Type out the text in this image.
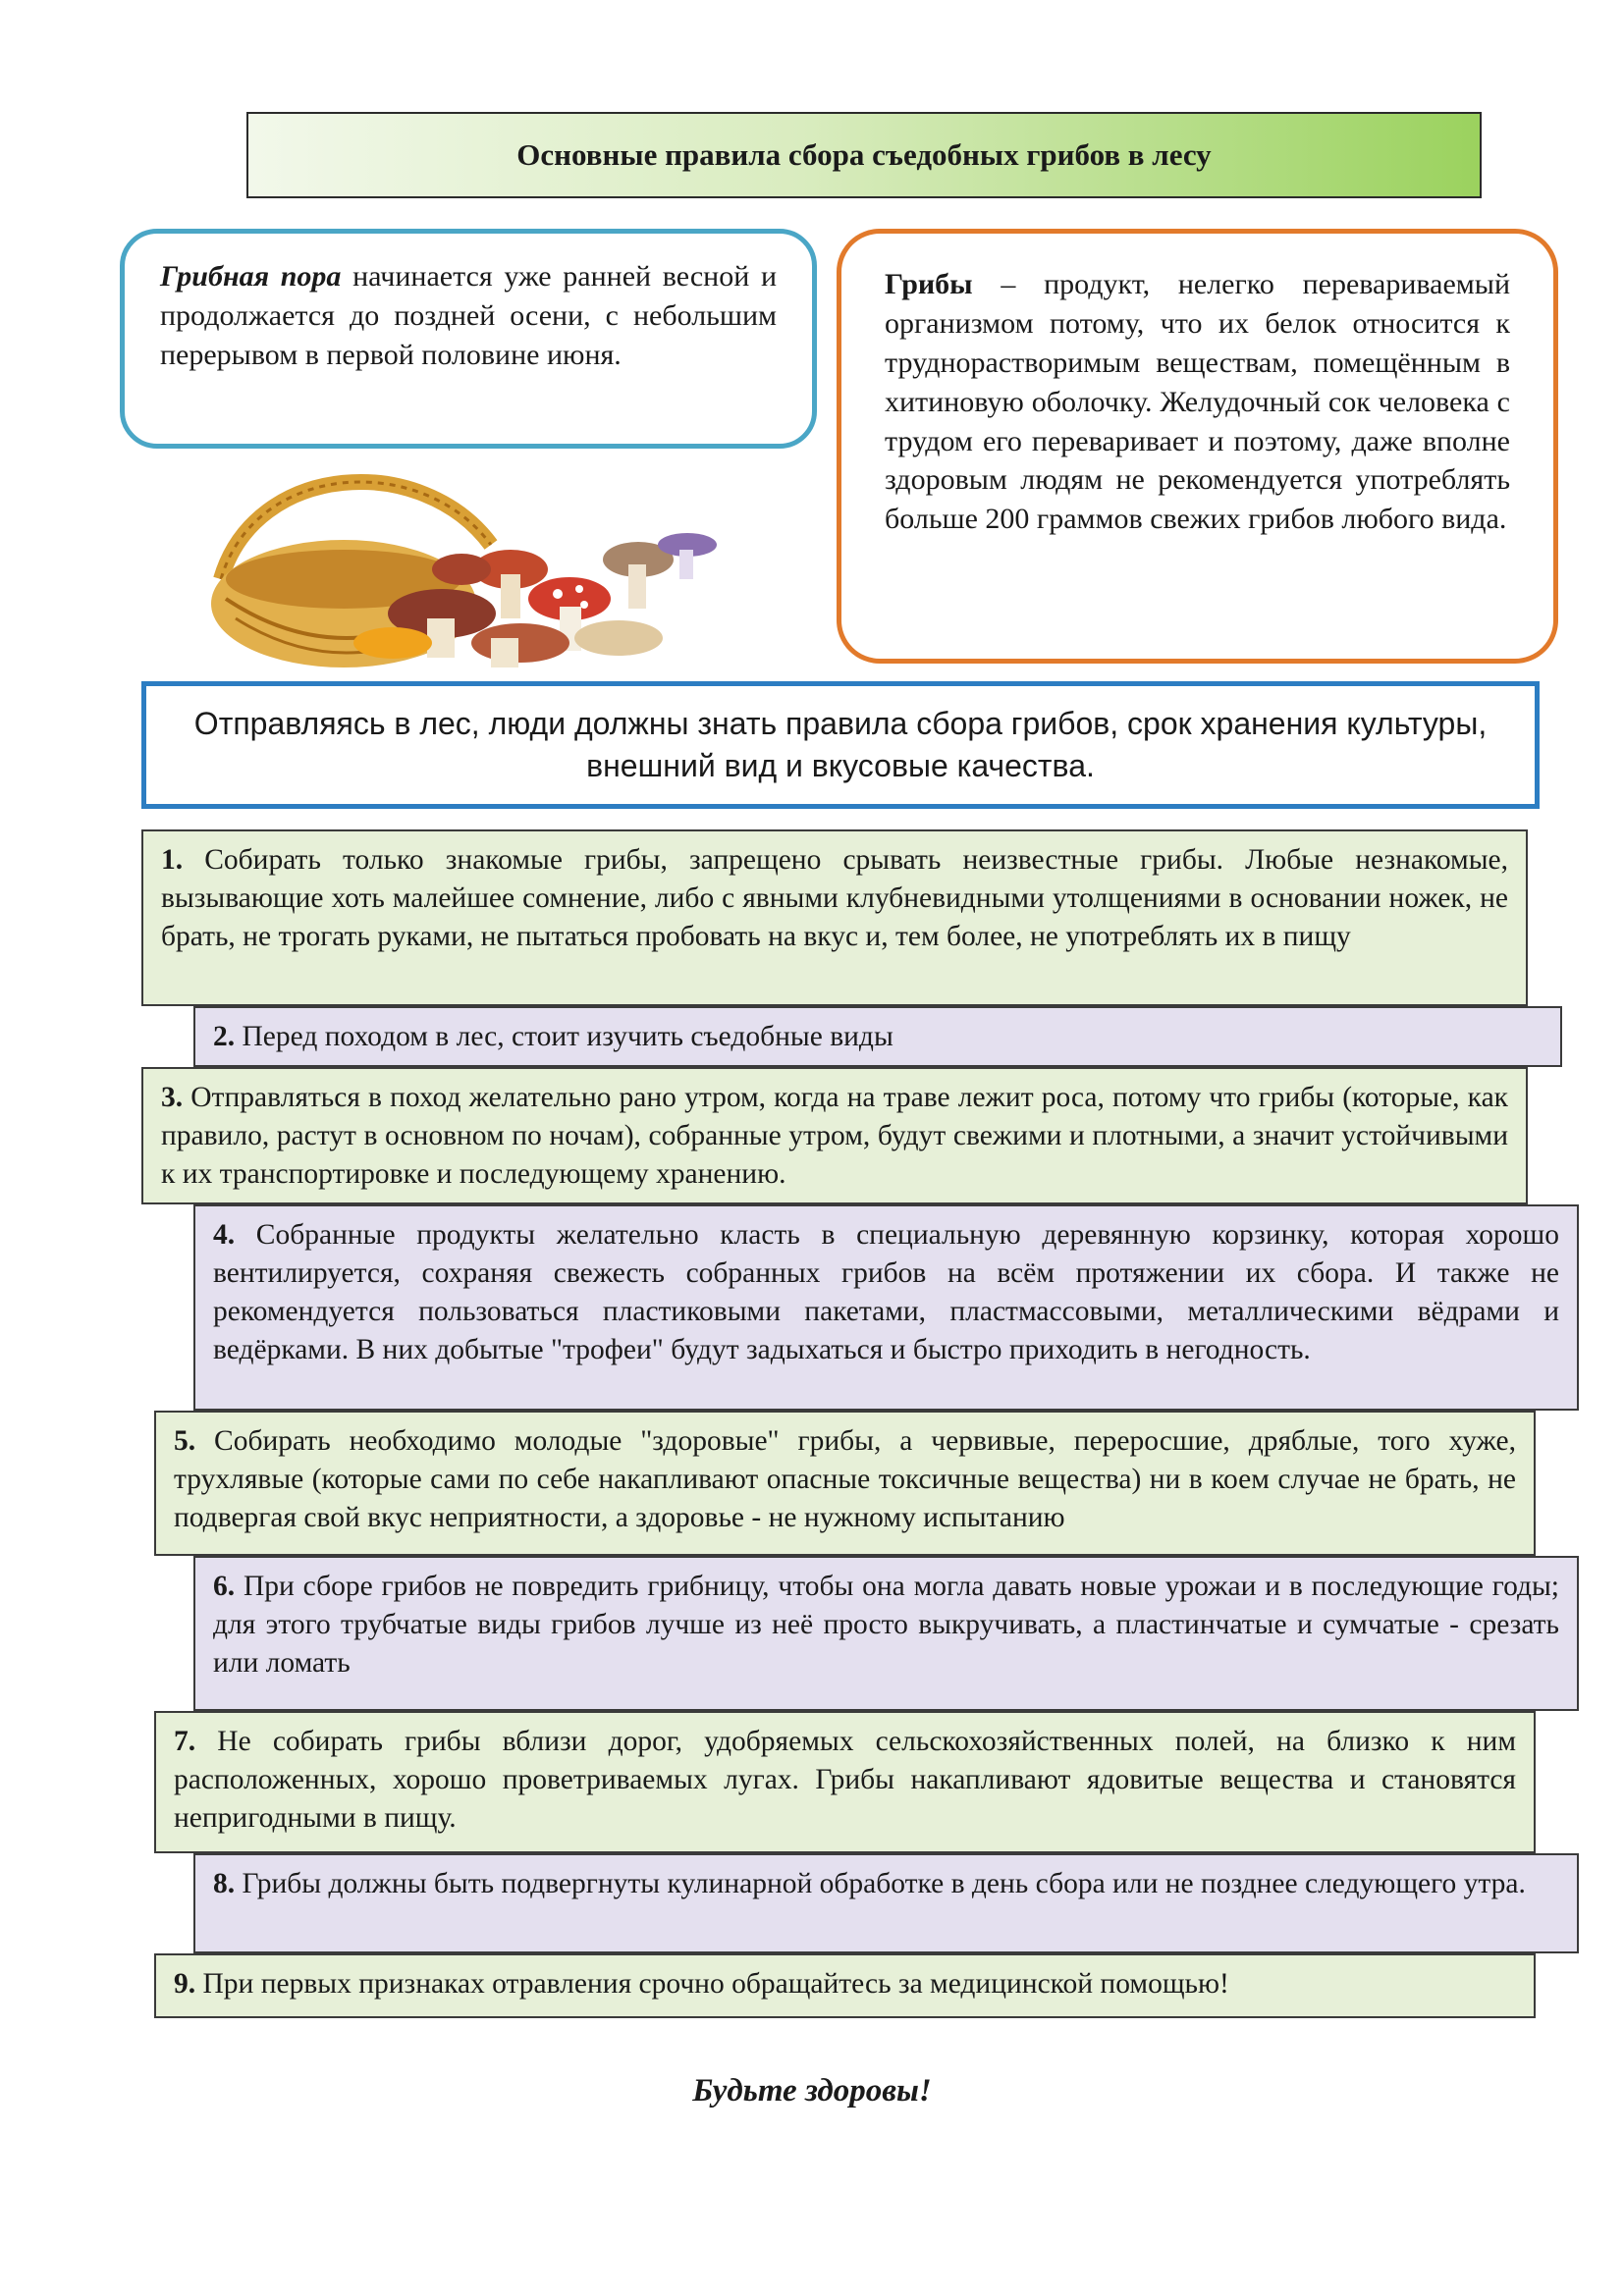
Основные правила сбора съедобных грибов в лесу
Грибная пора начинается уже ранней весной и продолжается до поздней осени, с небольшим перерывом в первой половине июня.
Грибы – продукт, нелегко перевариваемый организмом потому, что их белок относится к труднорастворимым веществам, помещённым в хитиновую оболочку. Желудочный сок человека с трудом его переваривает и поэтому, даже вполне здоровым людям не рекомендуется употреблять больше 200 граммов свежих грибов любого вида.
Отправляясь в лес, люди должны знать правила сбора грибов, срок хранения культуры, внешний вид и вкусовые качества.
1. Собирать только знакомые грибы, запрещено срывать неизвестные грибы. Любые незнакомые, вызывающие хоть малейшее сомнение, либо с явными клубневидными утолщениями в основании ножек, не брать, не трогать руками, не пытаться пробовать на вкус и, тем более, не употреблять их в пищу
2. Перед походом в лес, стоит изучить съедобные виды
3. Отправляться в поход желательно рано утром, когда на траве лежит роса, потому что грибы (которые, как правило, растут в основном по ночам), собранные утром, будут свежими и плотными, а значит устойчивыми к их транспортировке и последующему хранению.
4. Собранные продукты желательно класть в специальную деревянную корзинку, которая хорошо вентилируется, сохраняя свежесть собранных грибов на всём протяжении их сбора. И также не рекомендуется пользоваться пластиковыми пакетами, пластмассовыми, металлическими вёдрами и ведёрками. В них добытые "трофеи" будут задыхаться и быстро приходить в негодность.
5. Собирать необходимо молодые "здоровые" грибы, а червивые, переросшие, дряблые, того хуже, трухлявые (которые сами по себе накапливают опасные токсичные вещества) ни в коем случае не брать, не подвергая свой вкус неприятности, а здоровье - не нужному испытанию
6. При сборе грибов не повредить грибницу, чтобы она могла давать новые урожаи и в последующие годы; для этого трубчатые виды грибов лучше из неё просто выкручивать, а пластинчатые и сумчатые - срезать или ломать
7. Не собирать грибы вблизи дорог, удобряемых сельскохозяйственных полей, на близко к ним расположенных, хорошо проветриваемых лугах. Грибы накапливают ядовитые вещества и становятся непригодными в пищу.
8. Грибы должны быть подвергнуты кулинарной обработке в день сбора или не позднее следующего утра.
9. При первых признаках отравления срочно обращайтесь за медицинской помощью!
Будьте здоровы!
